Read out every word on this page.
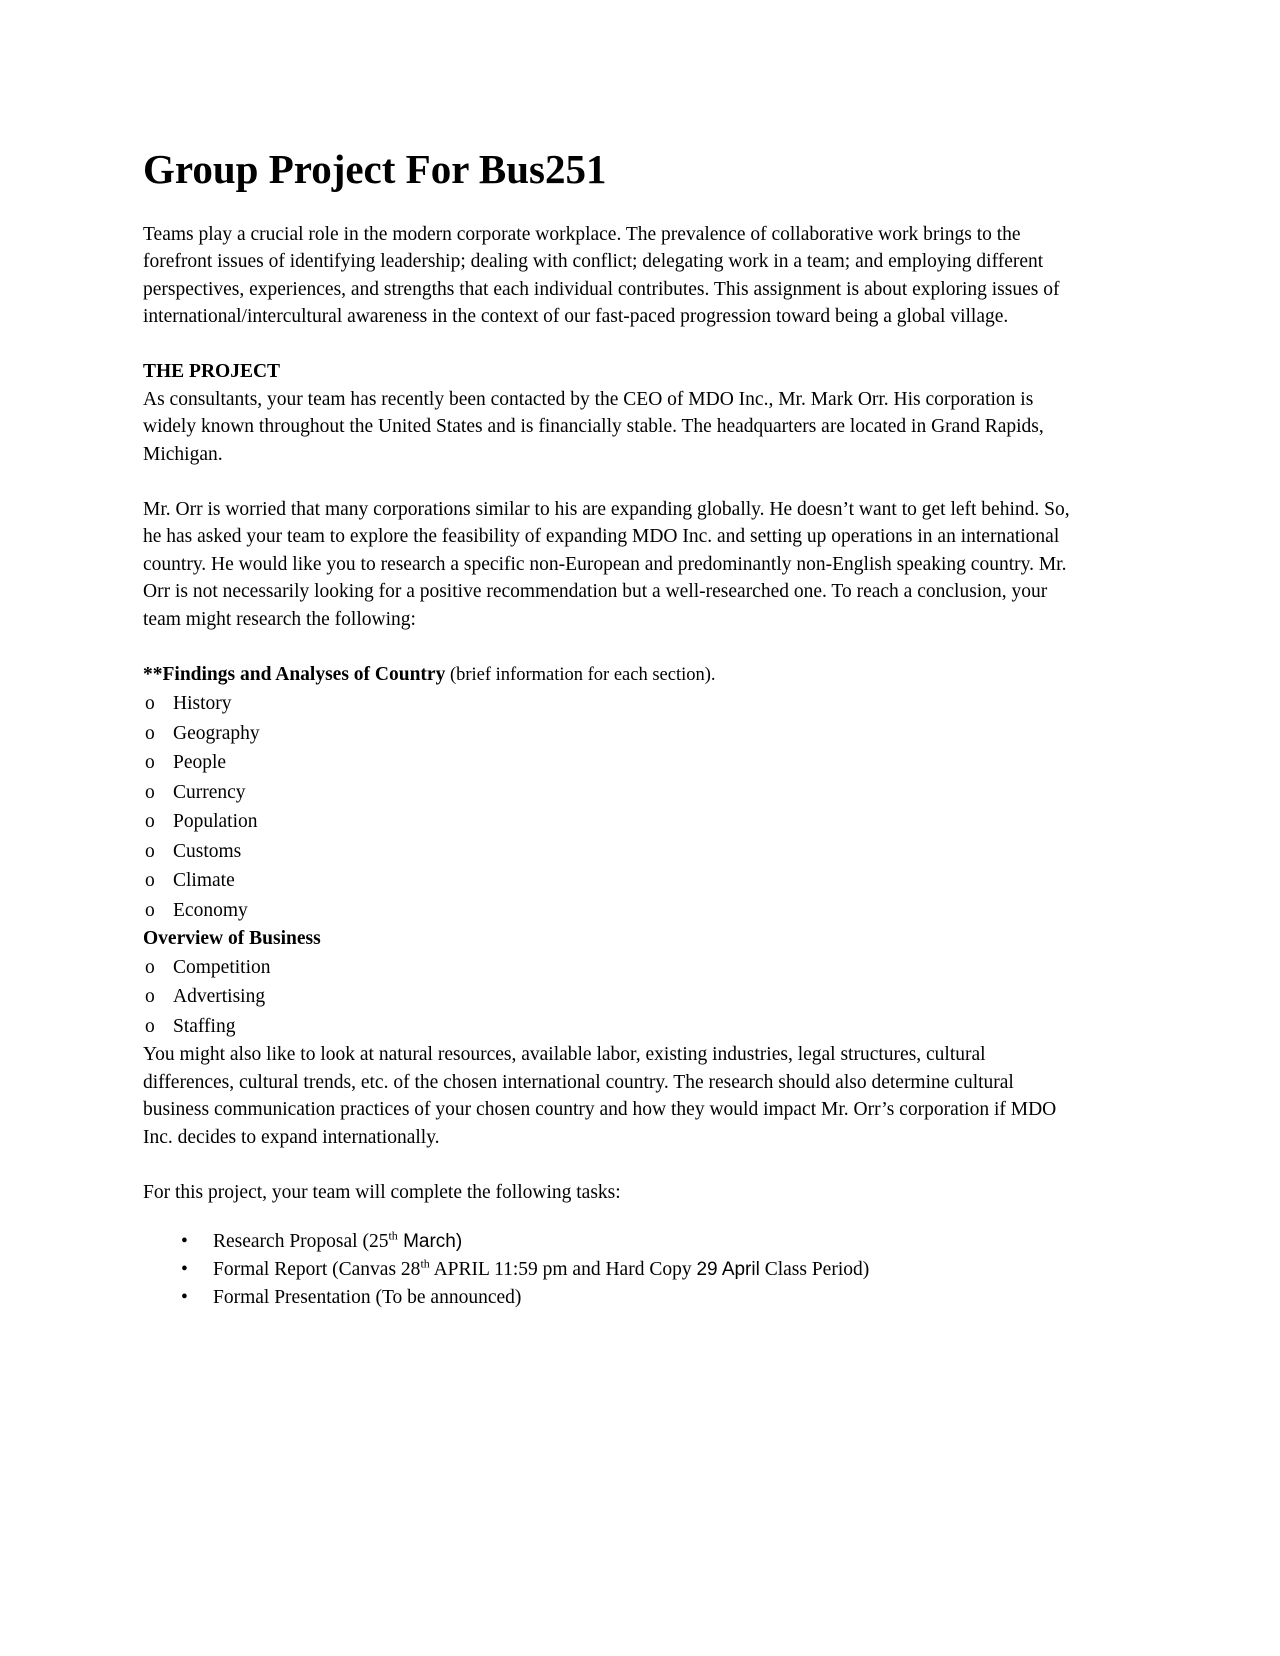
Group Project For Bus251

Teams play a crucial role in the modern corporate workplace. The prevalence of collaborative work brings to the forefront issues of identifying leadership; dealing with conflict; delegating work in a team; and employing different perspectives, experiences, and strengths that each individual contributes. This assignment is about exploring issues of international/intercultural awareness in the context of our fast-paced progression toward being a global village.

THE PROJECT

As consultants, your team has recently been contacted by the CEO of MDO Inc., Mr. Mark Orr. His corporation is widely known throughout the United States and is financially stable. The headquarters are located in Grand Rapids, Michigan.

Mr. Orr is worried that many corporations similar to his are expanding globally. He doesn’t want to get left behind. So, he has asked your team to explore the feasibility of expanding MDO Inc. and setting up operations in an international country. He would like you to research a specific non-European and predominantly non-English speaking country. Mr. Orr is not necessarily looking for a positive recommendation but a well-researched one. To reach a conclusion, your team might research the following:

**Findings and Analyses of Country (brief information for each section).

o History
o Geography
o People
o Currency
o Population
o Customs
o Climate
o Economy

Overview of Business

o Competition
o Advertising
o Staffing

You might also like to look at natural resources, available labor, existing industries, legal structures, cultural differences, cultural trends, etc. of the chosen international country. The research should also determine cultural business communication practices of your chosen country and how they would impact Mr. Orr’s corporation if MDO Inc. decides to expand internationally.

For this project, your team will complete the following tasks:

• Research Proposal (25th March)
• Formal Report (Canvas 28th APRIL 11:59 pm and Hard Copy 29 April Class Period)
• Formal Presentation (To be announced)
